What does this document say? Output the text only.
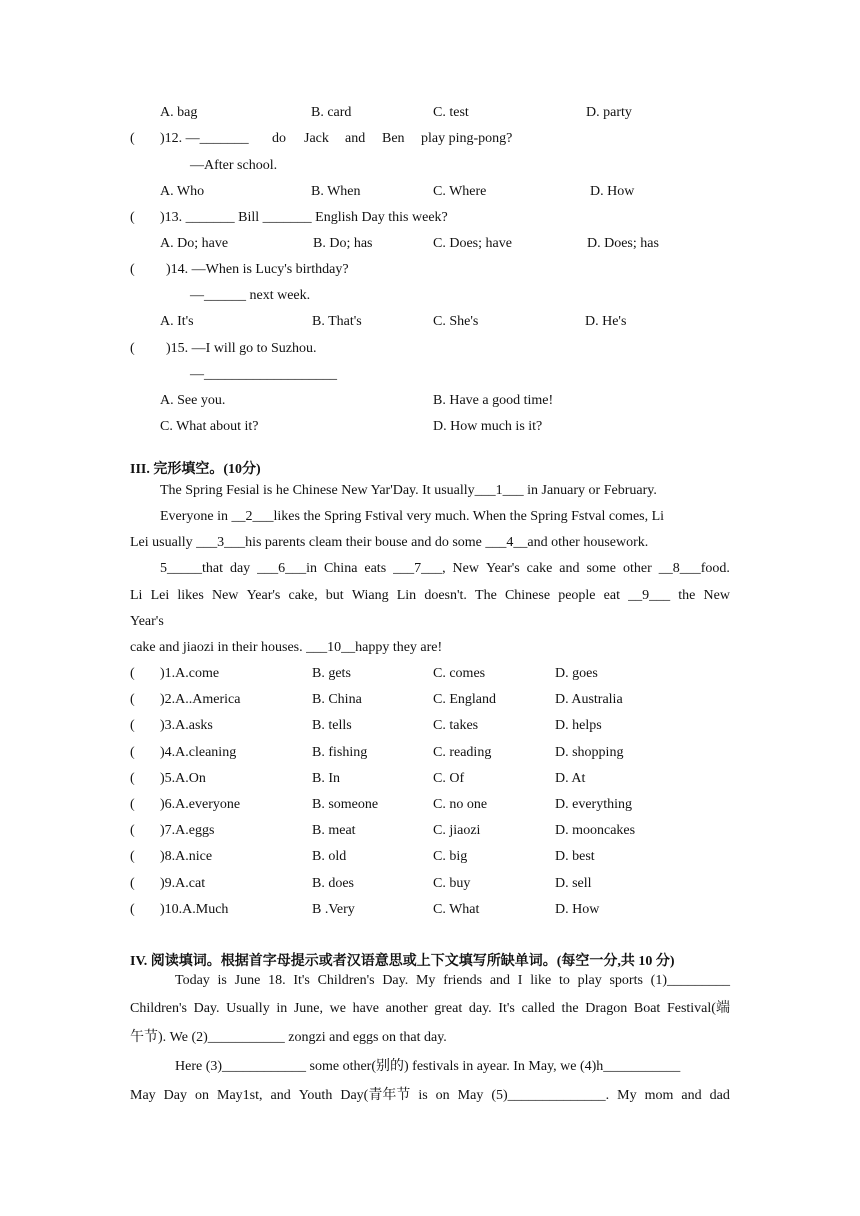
A. bag	B. card	C. test	D. party
( )12. —_______ do Jack and Ben play ping-pong?
—After school.
A. Who	B. When	C. Where	D. How
( )13. _______ Bill _______ English Day this week?
A. Do; have	B. Do; has	C. Does; have	D. Does; has
( )14. —When is Lucy's birthday?
—______ next week.
A. It's	B. That's	C. She's	D. He's
( )15. —I will go to Suzhou.
—___________________
A. See you.	B. Have a good time!
C. What about it?	D. How much is it?
III. 完形填空。(10分)
The Spring Fesial is he Chinese New Yar'Day. It usually___1___ in January or February.
Everyone in __2___likes the Spring Fstival very much. When the Spring Fstval comes, Li
Lei usually ___3___his parents cleam their bouse and do some ___4__and other housework.
5_____that day ___6___in China eats ___7___, New Year's cake and some other __8___food.
Li Lei likes New Year's cake, but Wiang Lin doesn't. The Chinese people eat __9___ the New
Year's
cake and jiaozi in their houses. ___10__happy they are!
( )1.A.come	B. gets	C. comes	D. goes
( )2.A..America	B. China	C. England	D. Australia
( )3.A.asks	B. tells	C. takes	D. helps
( )4.A.cleaning	B. fishing	C. reading	D. shopping
( )5.A.On	B. In	C. Of	D. At
( )6.A.everyone	B. someone	C. no one	D. everything
( )7.A.eggs	B. meat	C. jiaozi	D. mooncakes
( )8.A.nice	B. old	C. big	D. best
( )9.A.cat	B. does	C. buy	D. sell
( )10.A.Much	B .Very	C. What	D. How
IV. 阅读填词。根据首字母提示或者汉语意思或上下文填写所缺单词。(每空一分,共 10 分)
Today is June 18. It's Children's Day. My friends and I like to play sports (1)_________
Children's Day. Usually in June, we have another great day. It's called the Dragon Boat Festival(端
午节). We (2)___________ zongzi and eggs on that day.
Here (3)____________ some other(别的) festivals in ayear. In May, we (4)h___________
May Day on May1st, and Youth Day(青年节 is on May (5)______________. My mom and dad
